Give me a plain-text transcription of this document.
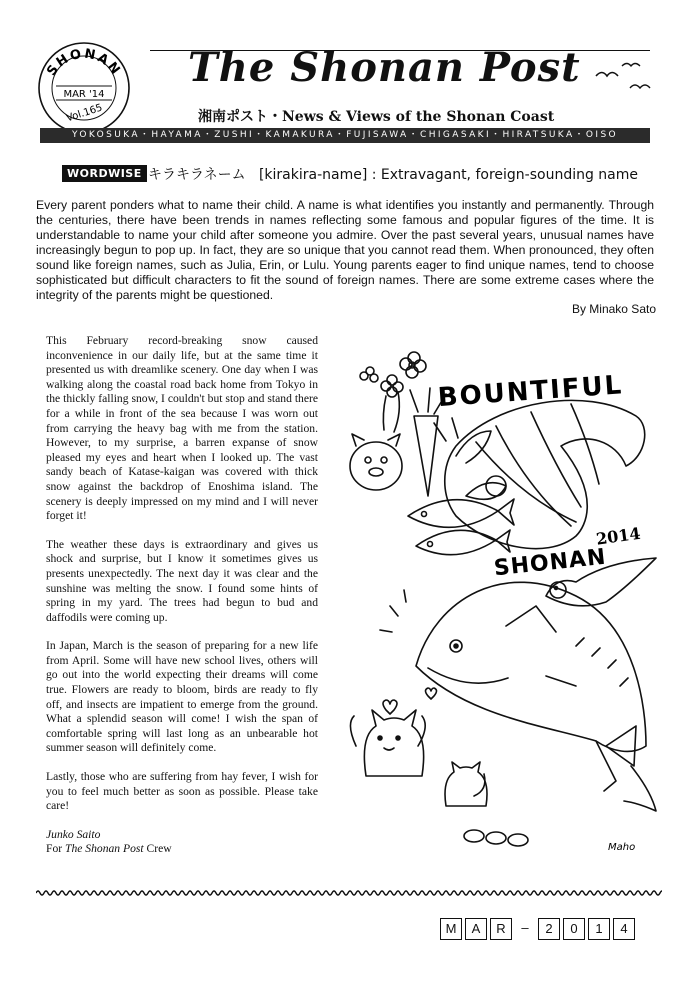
SHONAN
MAR '14
Vol.165
The Shonan Post
湘南ポスト・News & Views of the Shonan Coast
YOKOSUKA・HAYAMA・ZUSHI・KAMAKURA・FUJISAWA・CHIGASAKI・HIRATSUKA・OISO
WORDWISE キラキラネーム [kirakira-name] : Extravagant, foreign-sounding name

Every parent ponders what to name their child. A name is what identifies you instantly and permanently. Through the centuries, there have been trends in names reflecting some famous and popular figures of the time. It is understandable to name your child after someone you admire. Over the past several years, unusual names have increasingly begun to pop up. In fact, they are so unique that you cannot read them. When pronounced, they often sound like foreign names, such as Julia, Erin, or Lulu. Young parents eager to find unique names, tend to choose sophisticated but difficult characters to fit the sound of foreign names. There are some extreme cases where the integrity of the parents might be questioned.

By Minako Sato

This February record-breaking snow caused inconvenience in our daily life, but at the same time it presented us with dreamlike scenery. One day when I was walking along the coastal road back home from Tokyo in the thickly falling snow, I couldn't but stop and stand there for a while in front of the sea because I was worn out from carrying the heavy bag with me from the station. However, to my surprise, a barren expanse of snow pleased my eyes and heart when I looked up. The vast sandy beach of Katase-kaigan was covered with thick snow against the backdrop of Enoshima island. The scenery is deeply impressed on my mind and I will never forget it!

The weather these days is extraordinary and gives us shock and surprise, but I know it sometimes gives us presents unexpectedly. The next day it was clear and the sunshine was melting the snow. I found some hints of spring in my yard. The trees had begun to bud and daffodils were coming up.

In Japan, March is the season of preparing for a new life from April. Some will have new school lives, others will go out into the world expecting their dreams will come true. Flowers are ready to bloom, birds are ready to fly off, and insects are impatient to emerge from the ground. What a splendid season will come! I wish the span of comfortable spring will last long as an unbearable hot summer season will definitely come.

Lastly, those who are suffering from hay fever, I wish for you to feel much better as soon as possible. Please take care!

Junko Saito

For The Shonan Post Crew

BOUNTIFUL
SHONAN
2014
Maho
M	A	R	–	2	0	1	4
